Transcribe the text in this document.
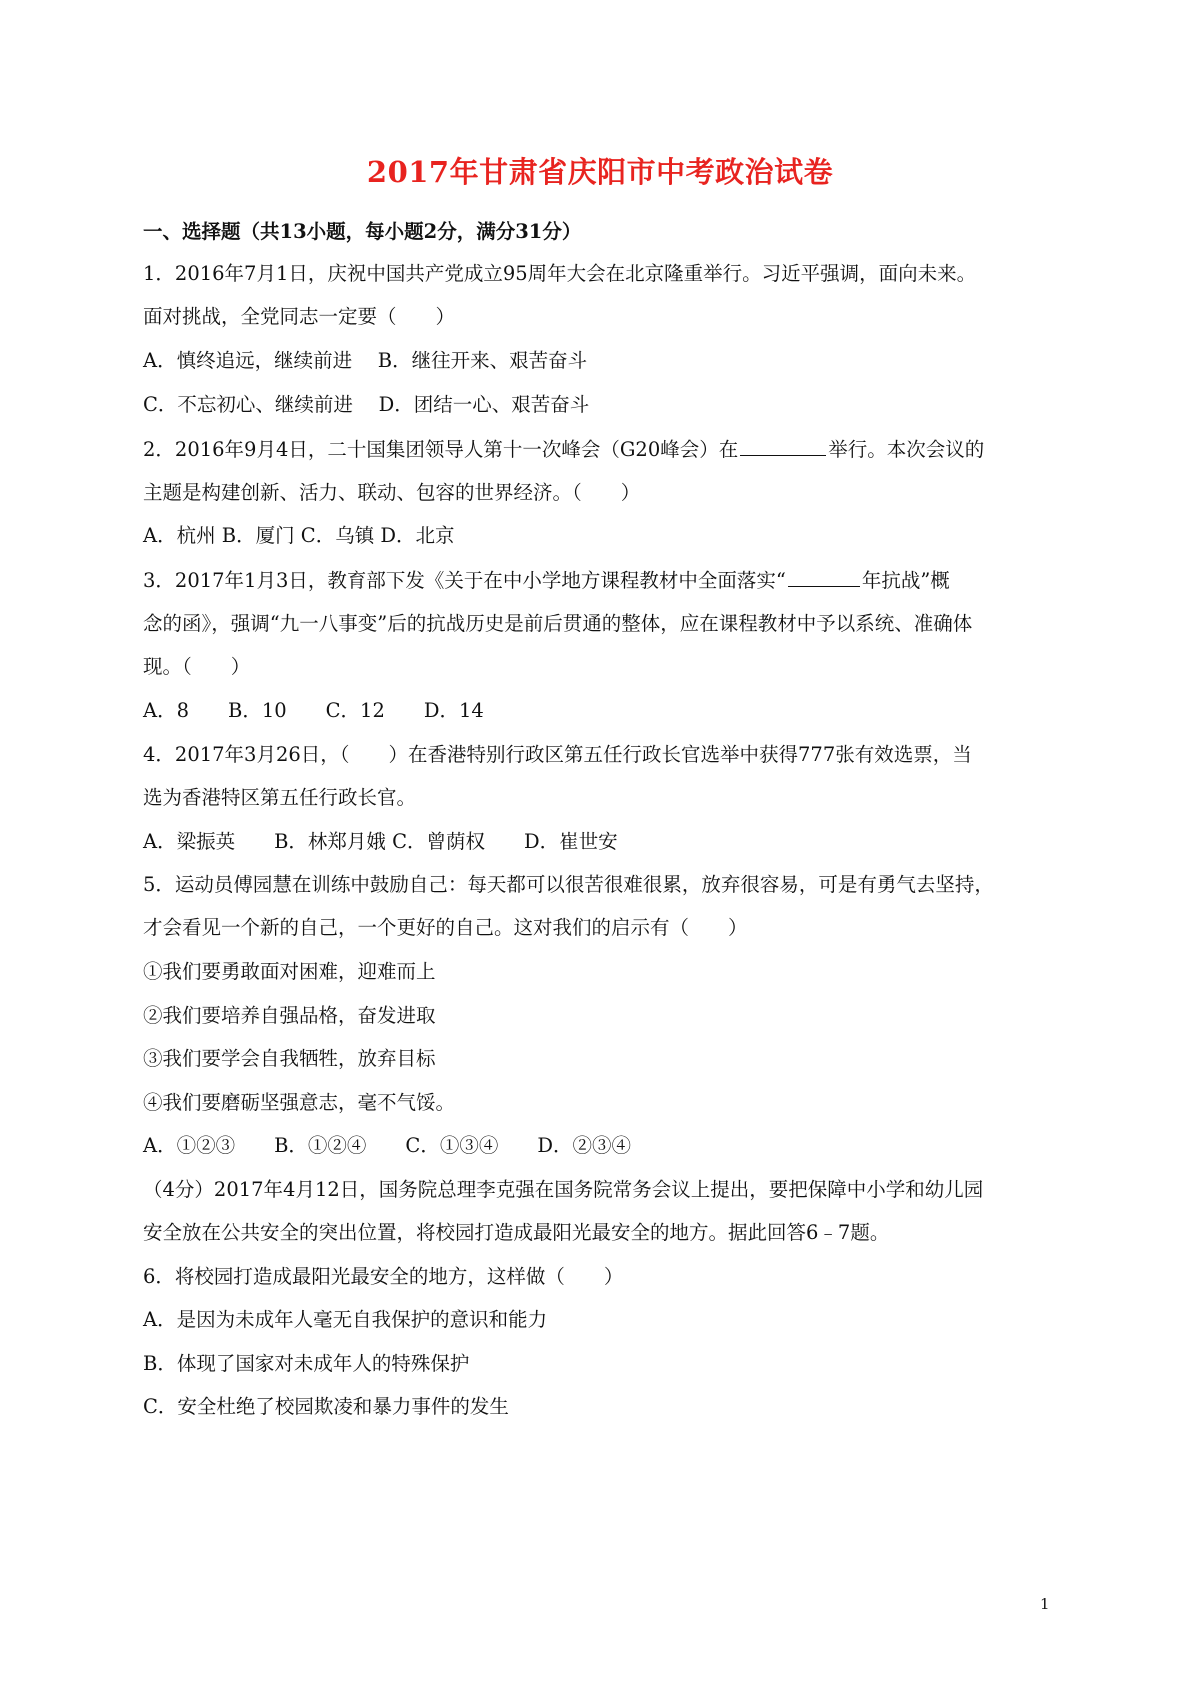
2017年甘肃省庆阳市中考政治试卷
一、选择题（共13小题，每小题2分，满分31分）
1．2016年7月1日，庆祝中国共产党成立95周年大会在北京隆重举行。习近平强调，面向未来。
面对挑战，全党同志一定要（　　）
A．慎终追远，继续前进　 B．继往开来、艰苦奋斗
C．不忘初心、继续前进　 D．团结一心、艰苦奋斗
2．2016年9月4日，二十国集团领导人第十一次峰会（G20峰会）在	举行。本次会议的
主题是构建创新、活力、联动、包容的世界经济。（　　）
A．杭州 B．厦门 C．乌镇 D．北京
3．2017年1月3日，教育部下发《关于在中小学地方课程教材中全面落实“	年抗战”概
念的函》，强调“九一八事变”后的抗战历史是前后贯通的整体，应在课程教材中予以系统、准确体
现。（　　）
A．8　　B．10　　C．12　　D．14
4．2017年3月26日，（　　）在香港特别行政区第五任行政长官选举中获得777张有效选票，当
选为香港特区第五任行政长官。
A．梁振英　　B．林郑月娥 C．曾荫权　　D．崔世安
5．运动员傅园慧在训练中鼓励自己：每天都可以很苦很难很累，放弃很容易，可是有勇气去坚持，
才会看见一个新的自己，一个更好的自己。这对我们的启示有（　　）
①我们要勇敢面对困难，迎难而上
②我们要培养自强品格，奋发进取
③我们要学会自我牺牲，放弃目标
④我们要磨砺坚强意志，毫不气馁。
A．①②③　　B．①②④　　C．①③④　　D．②③④
（4分）2017年4月12日，国务院总理李克强在国务院常务会议上提出，要把保障中小学和幼儿园
安全放在公共安全的突出位置，将校园打造成最阳光最安全的地方。据此回答6﹣7题。
6．将校园打造成最阳光最安全的地方，这样做（　　）
A．是因为未成年人毫无自我保护的意识和能力
B．体现了国家对未成年人的特殊保护
C．安全杜绝了校园欺凌和暴力事件的发生
1
